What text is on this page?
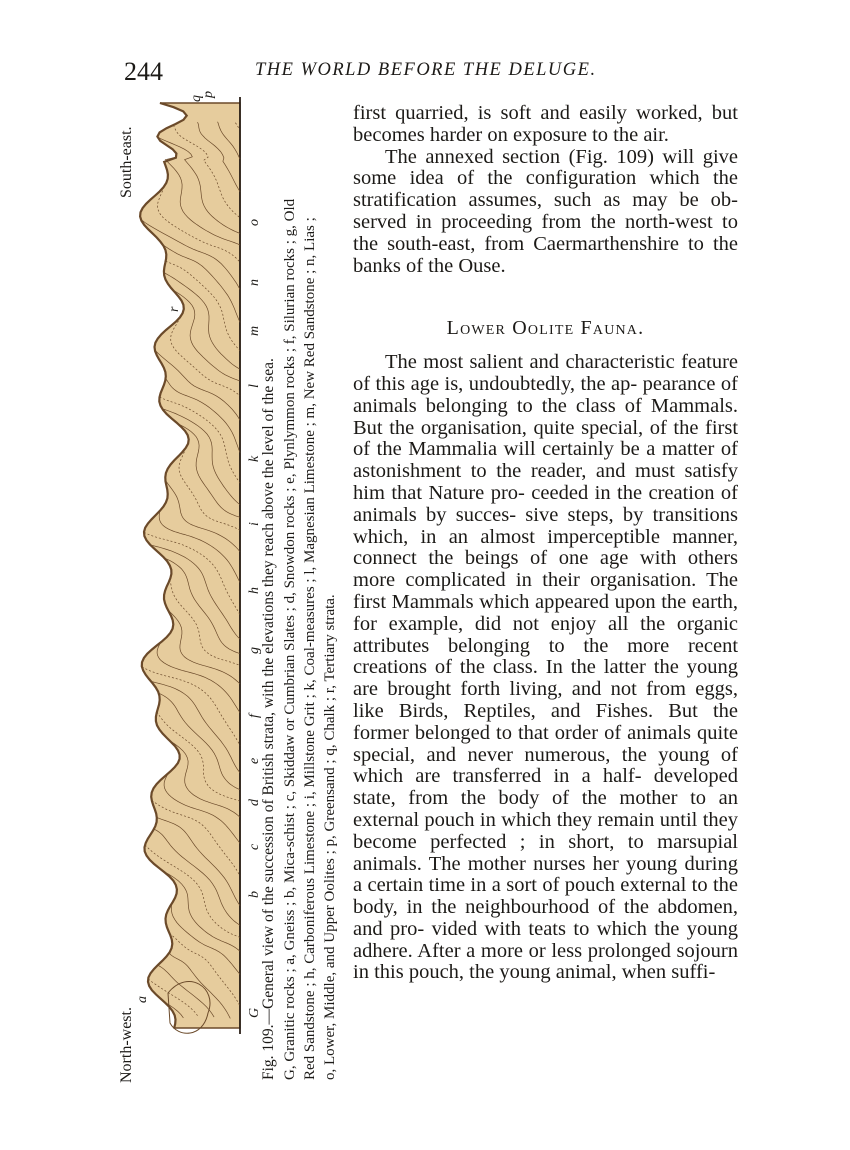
244	THE WORLD BEFORE THE DELUGE.
G
a
b
c
d
e
f
g
h
i
k
l
m
n
o
p
q
r
North-west.
South-east.
Fig. 109.—General view of the succession of British strata, with the elevations they reach above the level of the sea. G, Granitic rocks ; a, Gneiss ; b, Mica-schist ; c, Skiddaw or Cumbrian Slates ; d, Snowdon rocks ; e, Plynlymmon rocks ; f, Silurian rocks ; g, Old Red Sandstone ; h, Carboniferous Limestone ; i, Millstone Grit ; k, Coal-measures ; l, Magnesian Limestone ; m, New Red Sandstone ; n, Lias ; o, Lower, Middle, and Upper Oolites ; p, Greensand ; q, Chalk ; r, Tertiary strata.

first quarried, is soft and easily worked, but becomes harder on exposure to the air.

The annexed section (Fig. 109) will give some idea of the configuration which the stratification assumes, such as may be ob- served in proceeding from the north-west to the south-east, from Caermarthenshire to the banks of the Ouse.

Lower Oolite Fauna.

The most salient and characteristic feature of this age is, undoubtedly, the ap- pearance of animals belonging to the class of Mammals. But the organisation, quite special, of the first of the Mammalia will certainly be a matter of astonishment to the reader, and must satisfy him that Nature pro- ceeded in the creation of animals by succes- sive steps, by transitions which, in an almost imperceptible manner, connect the beings of one age with others more complicated in their organisation. The first Mammals which appeared upon the earth, for example, did not enjoy all the organic attributes belonging to the more recent creations of the class. In the latter the young are brought forth living, and not from eggs, like Birds, Reptiles, and Fishes. But the former belonged to that order of animals quite special, and never numerous, the young of which are transferred in a half- developed state, from the body of the mother to an external pouch in which they remain until they become perfected ; in short, to marsupial animals. The mother nurses her young during a certain time in a sort of pouch external to the body, in the neighbourhood of the abdomen, and pro- vided with teats to which the young adhere. After a more or less prolonged sojourn in this pouch, the young animal, when suffi-
